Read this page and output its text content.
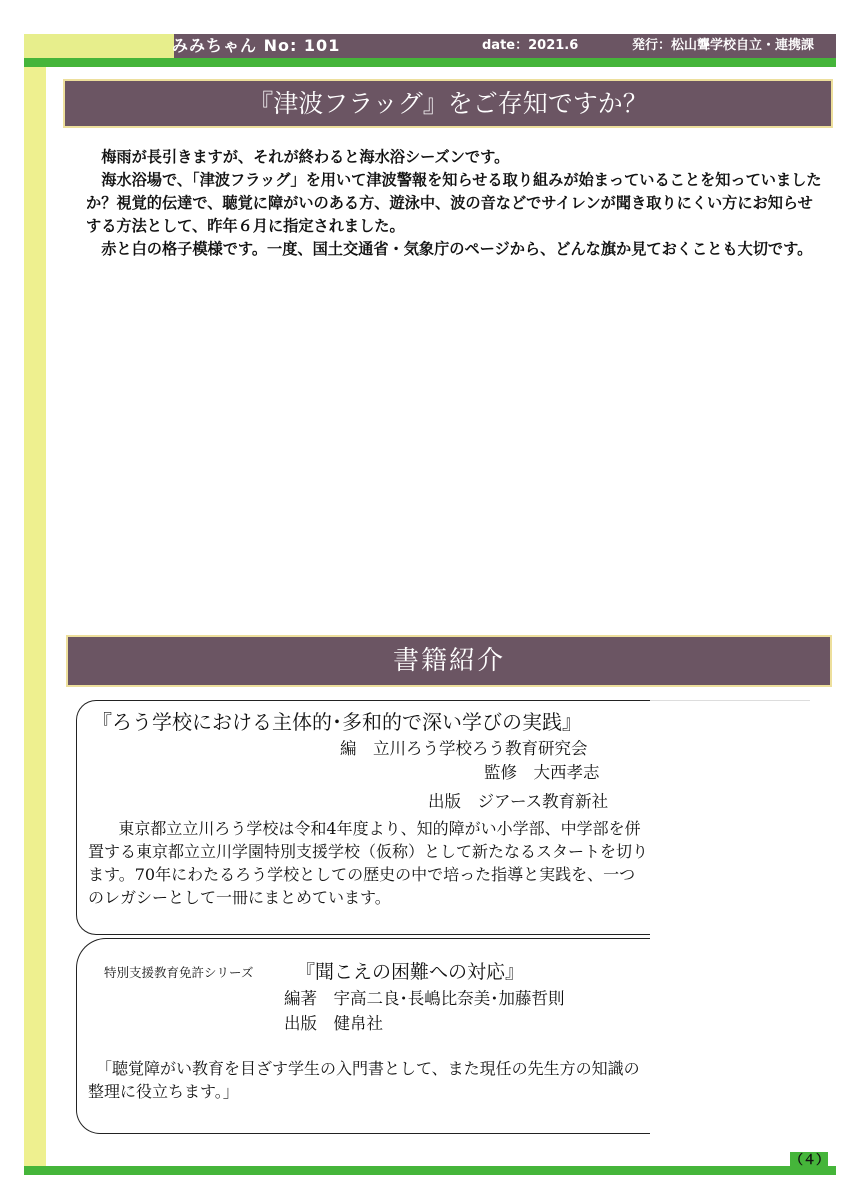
みみちゃん No: 101	date：2021.6	発行：松山聾学校自立・連携課
『津波フラッグ』をご存知ですか？

梅雨が長引きますが、それが終わると海水浴シーズンです。

海水浴場で、「津波フラッグ」を用いて津波警報を知らせる取り組みが始まっていることを知っていましたか？視覚的伝達で、聴覚に障がいのある方、遊泳中、波の音などでサイレンが聞き取りにくい方にお知らせする方法として、昨年６月に指定されました。

赤と白の格子模様です。一度、国土交通省・気象庁のページから、どんな旗か見ておくことも大切です。

書籍紹介
『ろう学校における主体的･多和的で深い学びの実践』
編　立川ろう学校ろう教育研究会
監修　大西孝志
出版　ジアース教育新社

東京都立立川ろう学校は令和4年度より、知的障がい小学部、中学部を併置する東京都立立川学園特別支援学校（仮称）として新たなるスタートを切ります。70年にわたるろう学校としての歴史の中で培った指導と実践を、一つのレガシーとして一冊にまとめています。

特別支援教育免許シリーズ 『聞こえの困難への対応』
編著　宇高二良･長嶋比奈美･加藤哲則
出版　健帛社

「聴覚障がい教育を目ざす学生の入門書として、また現任の先生方の知識の整理に役立ちます。」

（４）
